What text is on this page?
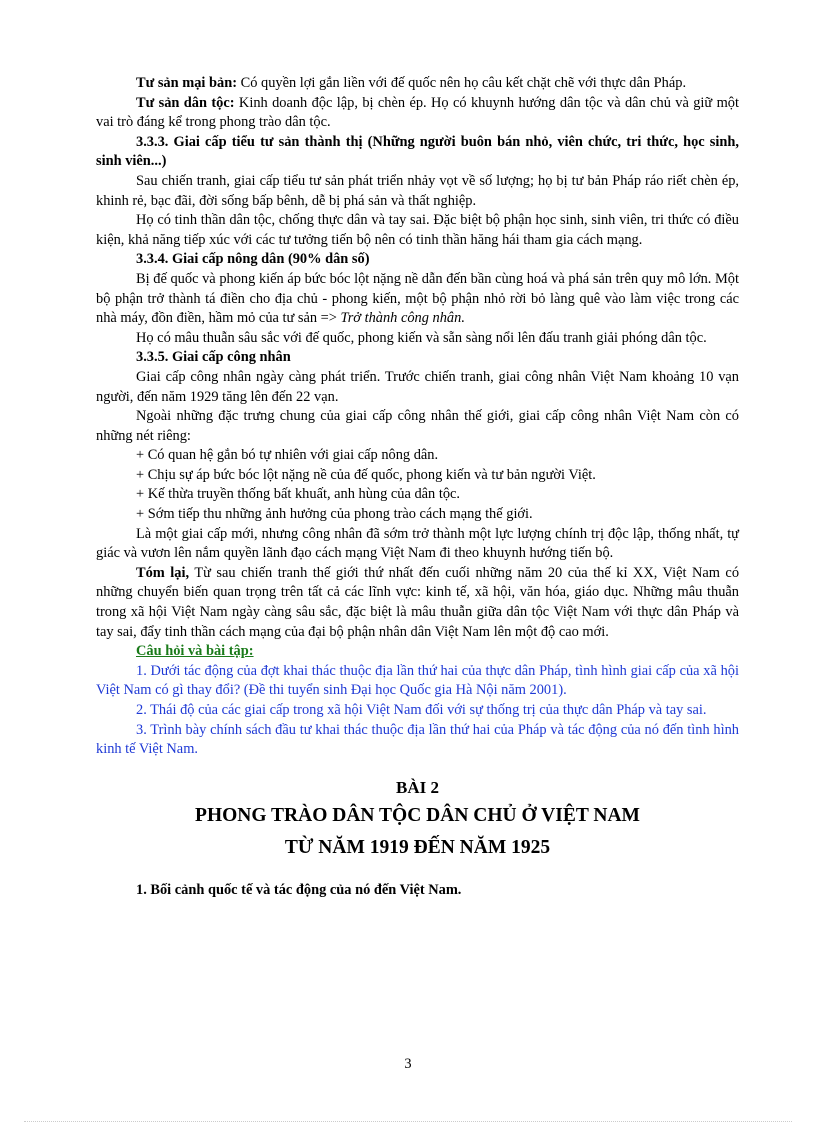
Tư sản mại bản: Có quyền lợi gắn liền với đế quốc nên họ câu kết chặt chẽ với thực dân Pháp.

Tư sản dân tộc: Kinh doanh độc lập, bị chèn ép. Họ có khuynh hướng dân tộc và dân chủ và giữ một vai trò đáng kể trong phong trào dân tộc.

3.3.3. Giai cấp tiểu tư sản thành thị (Những người buôn bán nhỏ, viên chức, tri thức, học sinh, sinh viên...)

Sau chiến tranh, giai cấp tiểu tư sản phát triển nhảy vọt về số lượng; họ bị tư bản Pháp ráo riết chèn ép, khinh rẻ, bạc đãi, đời sống bấp bênh, dễ bị phá sản và thất nghiệp.

Họ có tinh thần dân tộc, chống thực dân và tay sai. Đặc biệt bộ phận học sinh, sinh viên, tri thức có điều kiện, khả năng tiếp xúc với các tư tưởng tiến bộ nên có tinh thần hăng hái tham gia cách mạng.

3.3.4. Giai cấp nông dân (90% dân số)

Bị đế quốc và phong kiến áp bức bóc lột nặng nề dẫn đến bần cùng hoá và phá sản trên quy mô lớn. Một bộ phận trở thành tá điền cho địa chủ - phong kiến, một bộ phận nhỏ rời bỏ làng quê vào làm việc trong các nhà máy, đồn điền, hầm mỏ của tư sản => Trở thành công nhân.

Họ có mâu thuẫn sâu sắc với đế quốc, phong kiến và sẵn sàng nổi lên đấu tranh giải phóng dân tộc.

3.3.5. Giai cấp công nhân

Giai cấp công nhân ngày càng phát triển. Trước chiến tranh, giai công nhân Việt Nam khoảng 10 vạn người, đến năm 1929 tăng lên đến 22 vạn.

Ngoài những đặc trưng chung của giai cấp công nhân thế giới, giai cấp công nhân Việt Nam còn có những nét riêng:

+ Có quan hệ gắn bó tự nhiên với giai cấp nông dân.

+ Chịu sự áp bức bóc lột nặng nề của đế quốc, phong kiến và tư bản người Việt.

+ Kế thừa truyền thống bất khuất, anh hùng của dân tộc.

+ Sớm tiếp thu những ảnh hưởng của phong trào cách mạng thế giới.

Là một giai cấp mới, nhưng công nhân đã sớm trở thành một lực lượng chính trị độc lập, thống nhất, tự giác và vươn lên nắm quyền lãnh đạo cách mạng Việt Nam đi theo khuynh hướng tiến bộ.

Tóm lại, Từ sau chiến tranh thế giới thứ nhất đến cuối những năm 20 của thế kỉ XX, Việt Nam có những chuyển biến quan trọng trên tất cả các lĩnh vực: kinh tế, xã hội, văn hóa, giáo dục. Những mâu thuẫn trong xã hội Việt Nam ngày càng sâu sắc, đặc biệt là mâu thuẫn giữa dân tộc Việt Nam với thực dân Pháp và tay sai, đẩy tinh thần cách mạng của đại bộ phận nhân dân Việt Nam lên một độ cao mới.

Câu hỏi và bài tập:

1. Dưới tác động của đợt khai thác thuộc địa lần thứ hai của thực dân Pháp, tình hình giai cấp của xã hội Việt Nam có gì thay đổi? (Đề thi tuyển sinh Đại học Quốc gia Hà Nội năm 2001).

2. Thái độ của các giai cấp trong xã hội Việt Nam đối với sự thống trị của thực dân Pháp và tay sai.

3. Trình bày chính sách đầu tư khai thác thuộc địa lần thứ hai của Pháp và tác động của nó đến tình hình kinh tế Việt Nam.

BÀI 2

PHONG TRÀO DÂN TỘC DÂN CHỦ Ở VIỆT NAM

TỪ NĂM 1919 ĐẾN NĂM 1925

1. Bối cảnh quốc tế và tác động của nó đến Việt Nam.

3
